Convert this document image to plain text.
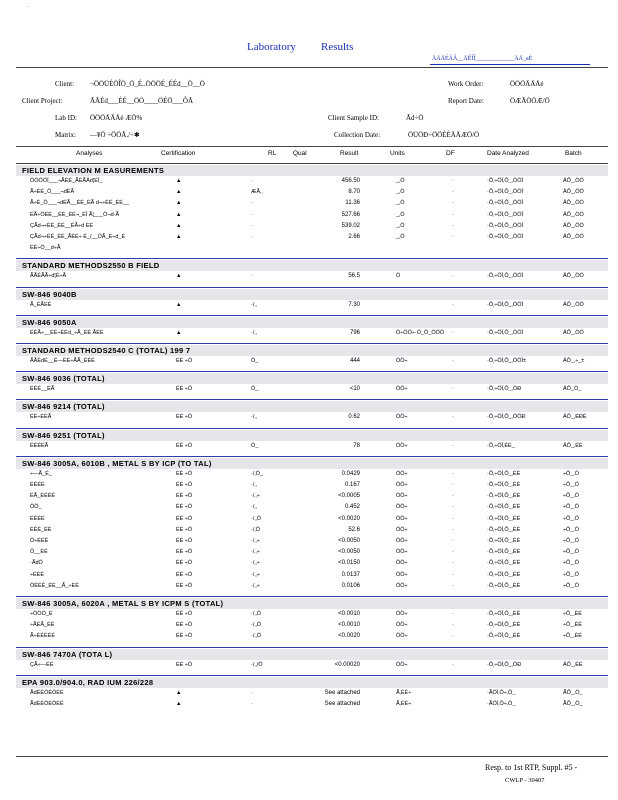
.
Laboratory Results
ÄÄÄÉÃÂ__ÄÊÎÎ_____________ÄÄ_aÉ
Client: ¬ÖÖÜÉÖÎÖ_Ö_É..ÖÖÖÉ_ÉÉd__Ö__Ö
Client Project:	ÃÃÉd___ÉÉ__ÖÖ____ÖÉÖ___ÔÃ
Lab ID: ÖÖÖÄÄÅé ÆÖ%
Matrix: —¥Ö ÷ÖÖÃ./÷✱
Work Order:	ÖÖÖÄÄÅé
Report Date:	ÖÆÃÖÖÆ/Ö
Client Sample ID:	Ãd÷Ö
Collection Date:	ÖÜÖÐ÷ÖÖÉÉÄÄÆÖ/Ö
Analyses	Certification	RL	Qual	Result	Units	DF	Date Analyzed	Batch
FIELD ELEVATION M EASUREMENTS
ÖÖÖÖÎ___¬ÃÉÉ_ÃÉÃÄd¦ÉÎ_	▲	·	456.50	_‚Ö	·	·Ô‚÷ÖÎ‚Ô_‚ÖÖÎ	ÄÔ_‚ÖÖ
Ã÷ÉÉ_Ö___¬dÉÃ	▲	ÆÃ‚‚	8.70	_‚Ö	·	·Ô‚÷ÖÎ‚Ô_‚ÖÖÎ	ÄÔ_‚ÖÖ
Ã÷É_Ö___¬dÉÃ__ÉÉ_ÉÃ d¬÷ÉÉ_ÉÉ__	▲	·	11.36	_‚Ö	·	·Ô‚÷ÖÎ‚Ô_‚ÖÖÎ	ÄÔ_‚ÖÖ
ÉÃ÷ÖÉÉ__ÉÉ_ÉÉ¬_ÉÎ Ã¦___Ö¬d·Ã	▲	·	527.66	_‚Ö	·	·Ô‚÷ÖÎ‚Ô_‚ÖÖÎ	ÄÔ_‚ÖÖ
ÇÃd¬÷ÉÉ_ÉÉ__ÉÃ÷d ÉÉ	▲	·	539.02	_‚Ö	·	·Ô‚÷ÖÎ‚Ô_‚ÖÖÎ	ÄÔ_‚ÖÖ
ÇÃd¬÷ÉÉ_ÉÉ_ÃÉÉ÷ É_/__ÖÃ_É÷d_É	▲	·	2.66	_‚Ö	·	·Ô‚÷ÖÎ‚Ô_‚ÖÖÎ	ÄÔ_‚ÖÖ
ÉÉ÷Ö__d÷Ã
STANDARD METHODS2550 B FIELD
ÃÃÉÃÃ÷d¦É÷Ã	▲	·	56.5	Ö	·	·Ô‚÷ÖÎ‚Ô_‚ÖÖÎ	ÄÔ_‚ÖÖ
SW-846 9040B
Ã_ÉÃÉÉ	▲	·/‚‚	7.30	·	·Ô‚÷ÖÎ‚Ô_‚ÖÖÎ	ÄÔ_‚ÖÖ
SW-846 9050A
ÉÉÃ÷__ÉÉ÷ÉÉd_÷Ã_ÉÉ ÃÉÉ	▲	·/‚‚	796	Ö÷ÖÖ÷·Ö_Ö_ÖÖÖ ·	·Ô‚÷ÖÎ‚Ô_‚ÖÖÎ	ÄÔ_‚ÖÖ
STANDARD METHODS2540 C (TOTAL) 199 7
ÃÃÉdÉ__É—ÉÉ÷ÃÃ_ÉÉÉ	ÉÉ ÷Ö	Ö_	444	ÖÖ÷	·	·Ô‚÷ÖÎ‚Ô_‚ÖÖÎ±	ÄÔ_‚÷_±
SW-846 9036 (TOTAL)
ÉÉÉ__ÉÃ	ÉÉ ÷Ö	Ö_	<10	ÖÖ÷	·	·Ô‚÷ÖÎ‚Ô_‚ÖÐ	ÄÔ_Ö_
SW-846 9214 (TOTAL)
ÉÉ÷ÉÉÃ	ÉÉ ÷Ö	·/‚‚	0.62	ÖÖ÷	·	·Ô‚÷ÖÎ‚Ô_‚ÖÖÐ	ÄÔ_‚ÉÐÉ
SW-846 9251 (TOTAL)
ÉÉÉÉÃ	ÉÉ ÷Ö	Ö_	78	ÖÖ÷	·	·Ô‚÷ÖÎ‚ÉÉ_	ÄÔ_‚ÉÉ
SW-846 3005A, 6010B , METAL S BY ICP (TO TAL)
÷—Ã_É_	ÉÉ ÷Ö	·/‚Ö_	0.0429	ÖÖ÷	·	·Ô‚÷ÖÎ‚Ô_‚ÉÉ	÷Ô_‚Ö
ÉÉÉÉ	ÉÉ ÷Ö	·/‚‚	0.167	ÖÖ÷	·	·Ô‚÷ÖÎ‚Ô_‚ÉÉ	÷Ô_‚Ö
ÉÃ_ÉÉÉÉ	ÉÉ ÷Ö	·/‚‚÷	<0.0005	ÖÖ÷	·	·Ô‚÷ÖÎ‚Ô_‚ÉÉ	÷Ô_‚Ö
ÖÖ_	ÉÉ ÷Ö	·/‚‚	0.452	ÖÖ÷	·	·Ô‚÷ÖÎ‚Ô_‚ÉÉ	÷Ô_‚Ö
ÉÉÉÉ	ÉÉ ÷Ö	·/‚‚Ö	<0.0020	ÖÖ÷	·	·Ô‚÷ÖÎ‚Ô_‚ÉÉ	÷Ô_‚Ö
ÉÉÉ_ÉÉ	ÉÉ ÷Ö	·/‚Ö	52.6	ÖÖ÷	·	·Ô‚÷ÖÎ‚Ô_‚ÉÉ	÷Ô_‚Ö
Ö÷ÉÉÉ	ÉÉ ÷Ö	·/‚‚÷	<0.0050	ÖÖ÷	·	·Ô‚÷ÖÎ‚Ô_‚ÉÉ	÷Ô_‚Ö
Ö__ÉÉ	ÉÉ ÷Ö	·/‚‚÷	<0.0050	ÖÖ÷	·	·Ô‚÷ÖÎ‚Ô_‚ÉÉ	÷Ô_‚Ö
·ÃdÖ	ÉÉ ÷Ö	·/‚‚÷	<0.0150	ÖÖ÷	·	·Ô‚÷ÖÎ‚Ô_‚ÉÉ	÷Ô_‚Ö
÷ÉÉÉ	ÉÉ ÷Ö	·/‚‚÷	0.0137	ÖÖ÷	·	·Ô‚÷ÖÎ‚Ô_‚ÉÉ	÷Ô_‚Ö
ÖÉÉÉ_ÉÉ__Ã_÷ÉÉ	ÉÉ ÷Ö	·/‚‚÷	0.0106	ÖÖ÷	·	·Ô‚÷ÖÎ‚Ô_‚ÉÉ	÷Ô_‚Ö
SW-846 3005A, 6020A , METAL S BY ICPM S (TOTAL)
÷ÖÖÖ_É	ÉÉ ÷Ö	·/‚‚Ö	<0.0010	ÖÖ÷	·	·Ô‚÷ÖÎ‚Ô_‚ÉÉ	÷Ô_‚ÉÉ
÷ÃÉÃ_ÉÉ	ÉÉ ÷Ö	·/‚‚Ö	<0.0010	ÖÖ÷	·	·Ô‚÷ÖÎ‚Ô_‚ÉÉ	÷Ô_‚ÉÉ
Ã÷ÉÉÉÉÉ	ÉÉ ÷Ö	·/‚‚Ö	<0.0020	ÖÖ÷	·	·Ô‚÷ÖÎ‚Ô_‚ÉÉ	÷Ô_‚ÉÉ
SW-846 7470A (TOTA L)
ÇÃ÷—ÉÉ	ÉÉ ÷Ö	·/‚‚/Ö	<0.00020	ÖÖ÷	·	·Ô‚÷ÖÎ‚Ô_‚ÖÐ	ÄÔ_‚ÉÉ
EPA 903.0/904.0, RAD IUM 226/228
ÃdÉÉÖÉÖÉÉ	▲	·	See attached	Ã‚ÉÉ÷	·ÃÖÎ‚Ô÷‚Ö_	ÃÔ_‚Ö_
ÃdÉÉÖÉÖÉÉ	▲	·	See attached	Ã‚ÉÉ÷	·ÃÖÎ‚Ô÷‚Ö_	ÃÔ_‚Ö_
Resp. to 1st RTP, Suppl. #5 -
CWLP - 30407
